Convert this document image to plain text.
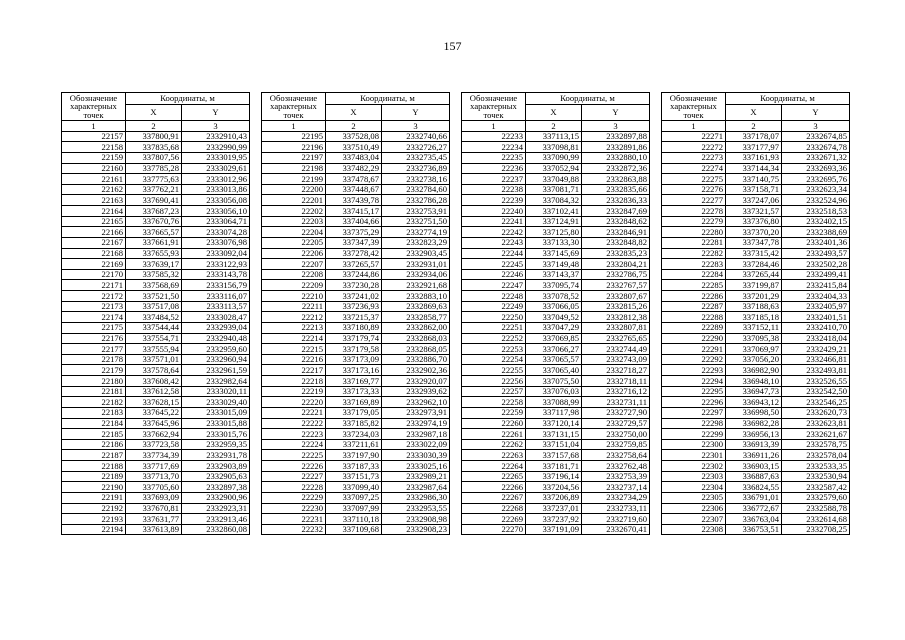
157
Обозначение характерных точек	Координаты, м	
	X	Y
1	2	3
22157	337800,91	2332910,43
22158	337835,68	2332990,99
22159	337807,56	2333019,95
22160	337785,28	2333029,61
22161	337775,63	2333012,96
22162	337762,21	2333013,86
22163	337690,41	2333056,08
22164	337687,23	2333056,10
22165	337670,76	2333064,71
22166	337665,57	2333074,28
22167	337661,91	2333076,98
22168	337655,93	2333092,04
22169	337639,17	2333122,93
22170	337585,32	2333143,78
22171	337568,69	2333156,79
22172	337521,50	2333116,07
22173	337517,08	2333113,57
22174	337484,52	2333028,47
22175	337544,44	2332939,04
22176	337554,71	2332940,48
22177	337555,94	2332959,60
22178	337571,01	2332960,94
22179	337578,64	2332961,59
22180	337608,42	2332982,64
22181	337612,58	2333020,11
22182	337628,15	2333029,40
22183	337645,22	2333015,09
22184	337645,96	2333015,88
22185	337662,94	2333015,76
22186	337723,58	2332959,35
22187	337734,39	2332931,78
22188	337717,69	2332903,89
22189	337713,70	2332905,63
22190	337705,60	2332897,38
22191	337693,09	2332900,96
22192	337670,81	2332923,31
22193	337631,77	2332913,46
22194	337613,89	2332860,08
Обозначение характерных точек	Координаты, м	
	X	Y
1	2	3
22195	337528,08	2332740,66
22196	337510,49	2332726,27
22197	337483,04	2332735,45
22198	337482,29	2332736,89
22199	337478,67	2332738,16
22200	337448,67	2332784,60
22201	337439,78	2332786,28
22202	337415,17	2332753,91
22203	337404,66	2332751,50
22204	337375,29	2332774,19
22205	337347,39	2332823,29
22206	337278,42	2332903,45
22207	337265,57	2332931,01
22208	337244,86	2332934,06
22209	337230,28	2332921,68
22210	337241,02	2332883,10
22211	337236,93	2332869,63
22212	337215,37	2332858,77
22213	337180,89	2332862,00
22214	337179,74	2332868,03
22215	337179,58	2332868,05
22216	337173,09	2332886,70
22217	337173,16	2332902,36
22218	337169,77	2332920,07
22219	337173,33	2332939,62
22220	337169,89	2332962,10
22221	337179,05	2332973,91
22222	337185,82	2332974,19
22223	337234,03	2332987,18
22224	337211,61	2333022,09
22225	337197,90	2333030,39
22226	337187,33	2333025,16
22227	337151,73	2332989,21
22228	337099,40	2332987,64
22229	337097,25	2332986,30
22230	337097,99	2332953,55
22231	337110,18	2332908,98
22232	337109,68	2332908,23
Обозначение характерных точек	Координаты, м	
	X	Y
1	2	3
22233	337113,15	2332897,88
22234	337098,81	2332891,86
22235	337090,99	2332880,10
22236	337052,94	2332872,36
22237	337049,88	2332863,88
22238	337081,71	2332835,66
22239	337084,32	2332836,33
22240	337102,41	2332847,69
22241	337124,91	2332848,62
22242	337125,80	2332846,91
22243	337133,30	2332848,82
22244	337145,69	2332835,23
22245	337149,48	2332804,21
22246	337143,37	2332786,75
22247	337095,74	2332767,57
22248	337078,52	2332807,67
22249	337066,05	2332815,26
22250	337049,52	2332812,38
22251	337047,29	2332807,81
22252	337069,85	2332765,65
22253	337066,27	2332744,49
22254	337065,57	2332743,09
22255	337065,40	2332718,27
22256	337075,50	2332718,11
22257	337076,03	2332716,12
22258	337088,99	2332731,11
22259	337117,98	2332727,90
22260	337120,14	2332729,57
22261	337131,15	2332750,00
22262	337151,04	2332759,85
22263	337157,68	2332758,64
22264	337181,71	2332762,48
22265	337196,14	2332753,39
22266	337204,56	2332737,14
22267	337206,89	2332734,29
22268	337237,01	2332733,11
22269	337237,92	2332719,60
22270	337191,09	2332670,41
Обозначение характерных точек	Координаты, м	
	X	Y
1	2	3
22271	337178,07	2332674,85
22272	337177,97	2332674,78
22273	337161,93	2332671,32
22274	337144,34	2332693,36
22275	337140,75	2332695,76
22276	337158,71	2332623,34
22277	337247,06	2332524,96
22278	337321,57	2332518,53
22279	337376,80	2332402,15
22280	337370,20	2332388,69
22281	337347,78	2332401,36
22282	337315,42	2332493,57
22283	337284,46	2332502,28
22284	337265,44	2332499,41
22285	337199,87	2332415,84
22286	337201,29	2332404,33
22287	337188,63	2332405,97
22288	337185,18	2332401,51
22289	337152,11	2332410,70
22290	337095,38	2332418,04
22291	337069,97	2332429,21
22292	337056,20	2332466,81
22293	336982,90	2332493,81
22294	336948,10	2332526,55
22295	336947,73	2332542,50
22296	336943,12	2332546,25
22297	336998,50	2332620,73
22298	336982,28	2332623,81
22299	336956,13	2332621,67
22300	336913,39	2332578,75
22301	336911,26	2332578,04
22302	336903,15	2332533,35
22303	336887,63	2332530,94
22304	336824,55	2332587,42
22305	336791,01	2332579,60
22306	336772,67	2332588,78
22307	336763,04	2332614,68
22308	336753,51	2332708,25
